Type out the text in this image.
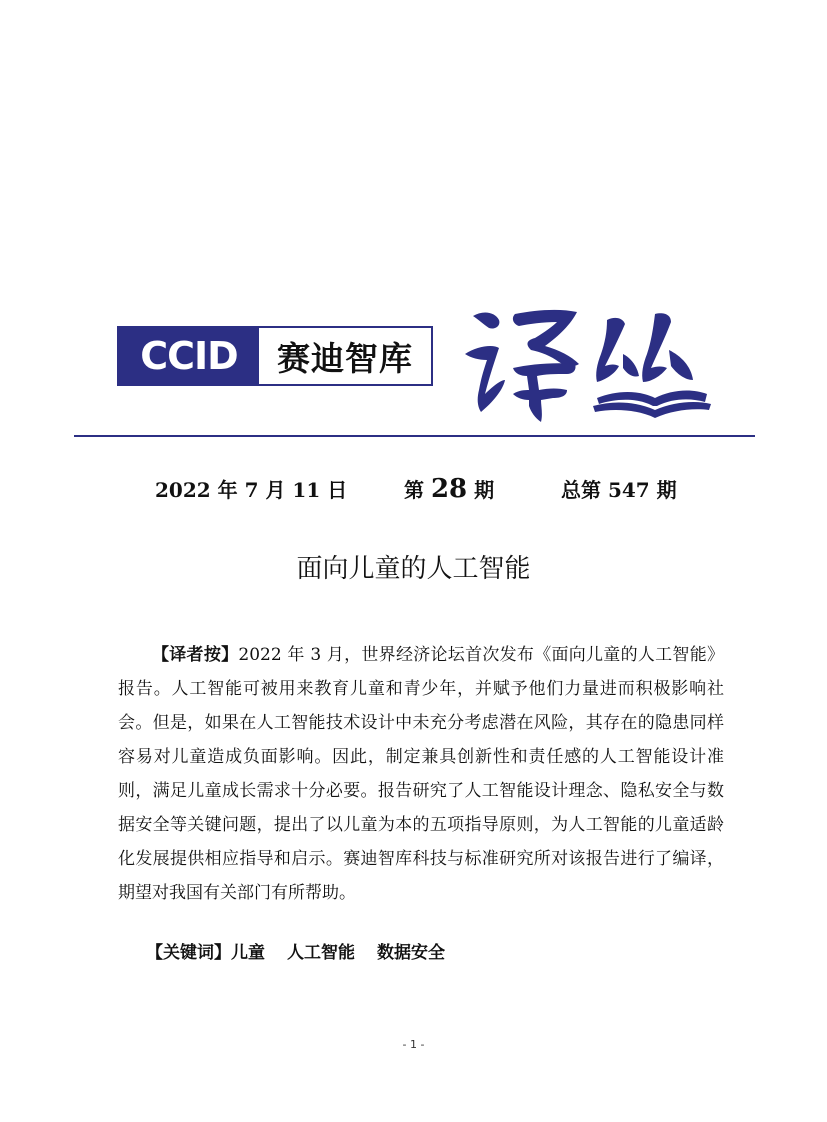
CCID	赛迪智库
2022 年 7 月 11 日	第 28 期	总第 547 期
面向儿童的人工智能
【译者按】2022 年 3 月，世界经济论坛首次发布《面向儿童的人工智能》报告。人工智能可被用来教育儿童和青少年，并赋予他们力量进而积极影响社会。但是，如果在人工智能技术设计中未充分考虑潜在风险，其存在的隐患同样容易对儿童造成负面影响。因此，制定兼具创新性和责任感的人工智能设计准则，满足儿童成长需求十分必要。报告研究了人工智能设计理念、隐私安全与数据安全等关键问题，提出了以儿童为本的五项指导原则，为人工智能的儿童适龄化发展提供相应指导和启示。赛迪智库科技与标准研究所对该报告进行了编译，期望对我国有关部门有所帮助。
【关键词】儿童 人工智能 数据安全
- 1 -
